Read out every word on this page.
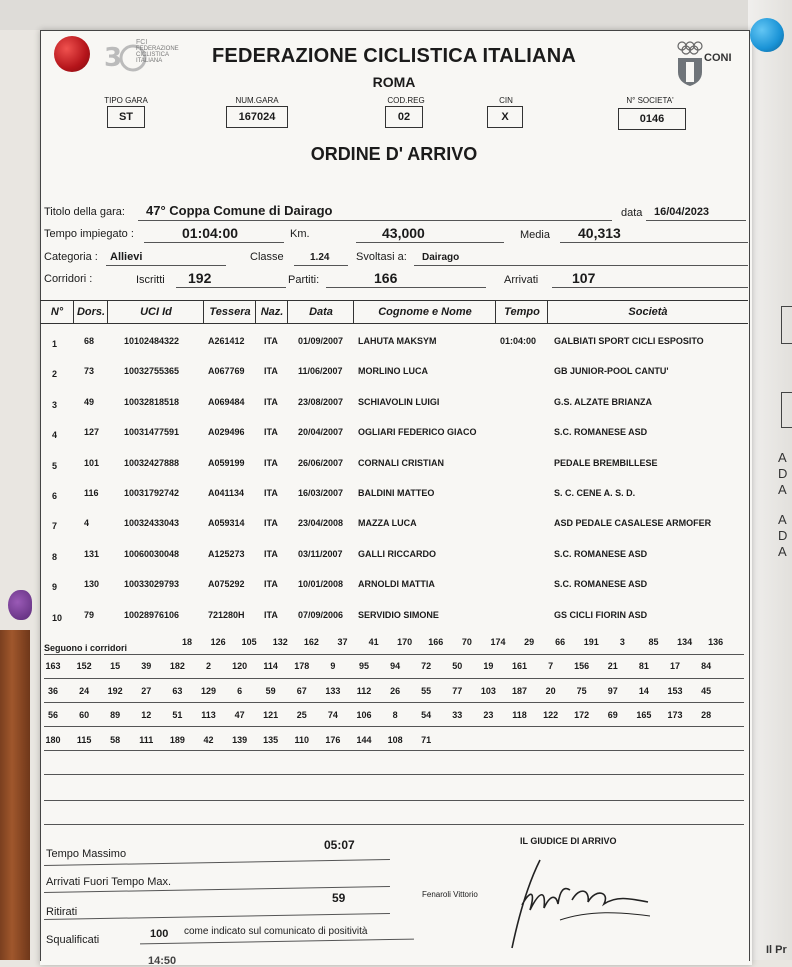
A
D
A
A
D
A
Il Pr
3
FCI
FEDERAZIONE
CICLISTICA
ITALIANA	CONI
FEDERAZIONE CICLISTICA ITALIANA
ROMA
TIPO GARA
ST
NUM.GARA
167024
COD.REG
02
CIN
X
N° SOCIETA'
0146
ORDINE D' ARRIVO
Titolo della gara: 47° Coppa Comune di Dairago	data 16/04/2023
Tempo impiegato :	01:04:00	Km.	43,000	Media 40,313
Categoria : Allievi	Classe	1.24 Svoltasi a: Dairago
Corridori :	Iscritti 192	Partiti:	166	Arrivati 107
N°	Dors.	UCI Id	Tessera Naz.	Data	Cognome e Nome	Tempo	Società
1	68	10102484322	A261412 ITA 01/09/2007 LAHUTA MAKSYM	01:04:00 GALBIATI SPORT CICLI ESPOSITO
2	73	10032755365	A067769 ITA 11/06/2007 MORLINO LUCA	GB JUNIOR-POOL CANTU'
3	49	10032818518	A069484 ITA 23/08/2007 SCHIAVOLIN LUIGI	G.S. ALZATE BRIANZA
4	127	10031477591	A029496 ITA 20/04/2007 OGLIARI FEDERICO GIACO	S.C. ROMANESE ASD
5	101	10032427888	A059199 ITA 26/06/2007 CORNALI CRISTIAN	PEDALE BREMBILLESE
6	116	10031792742	A041134 ITA 16/03/2007 BALDINI MATTEO	S. C. CENE A. S. D.
7	4	10032433043	A059314 ITA 23/04/2008 MAZZA LUCA	ASD PEDALE CASALESE ARMOFER
8	131	10060030048	A125273 ITA 03/11/2007 GALLI RICCARDO	S.C. ROMANESE ASD
9	130	10033029793	A075292 ITA 10/01/2008 ARNOLDI MATTIA	S.C. ROMANESE ASD
10 79	10028976106	721280H ITA 07/09/2006 SERVIDIO SIMONE	GS CICLI FIORIN ASD
Seguono i corridori
18	126	105	132	162	37	41	170	166	70	174	29	66	191	3	85	134	136
163	152	15	39	182	2	120	114	178	9	95	94	72	50	19	161	7	156	21	81	17	84
36	24	192	27	63	129	6	59	67	133	112	26	55	77	103	187	20	75	97	14	153	45
56	60	89	12	51	113	47	121	25	74	106	8	54	33	23	118	122	172	69	165	173	28
180	115	58	111	189	42	139	135	110	176	144	108	71
Tempo Massimo
05:07
Arrivati Fuori Tempo Max.
Ritirati
59
Squalificati	100 come indicato sul comunicato di positività
14:50
IL GIUDICE DI ARRIVO
Fenaroli Vittorio
